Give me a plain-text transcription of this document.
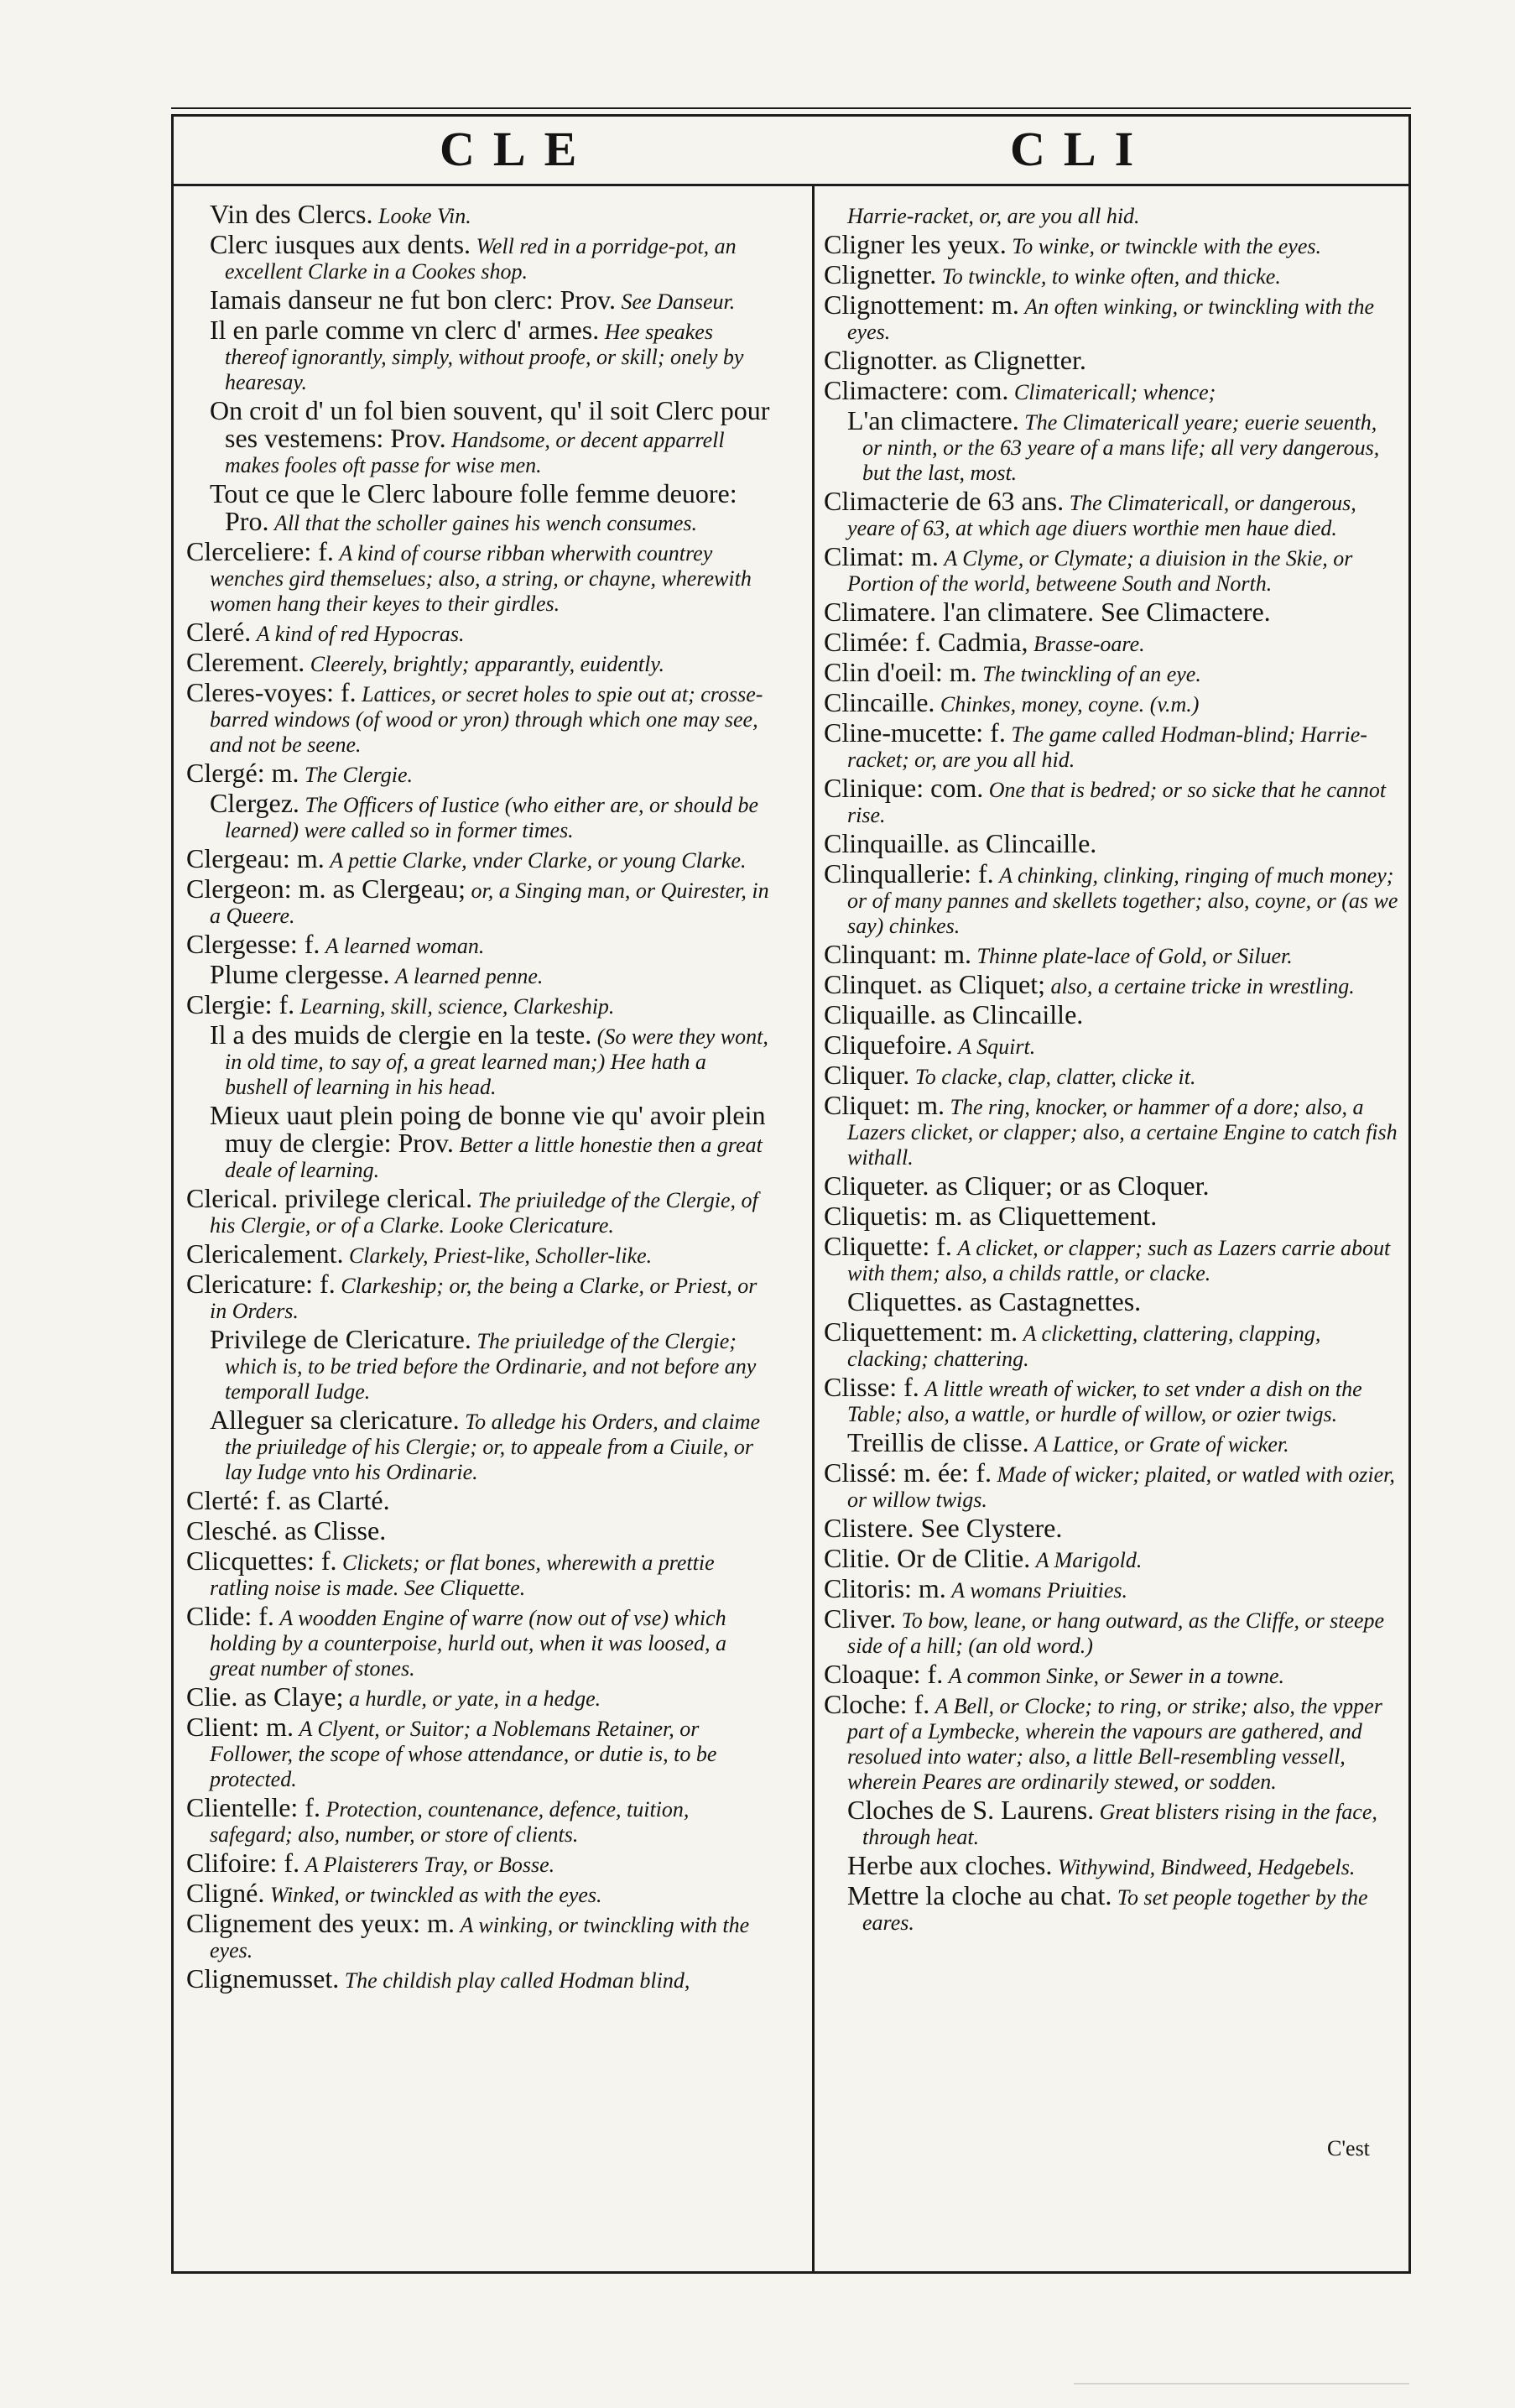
CLE	CLI

Vin des Clercs. Looke Vin.

Clerc iusques aux dents. Well red in a porridge-pot, an excellent Clarke in a Cookes shop.

Iamais danseur ne fut bon clerc: Prov. See Danseur.

Il en parle comme vn clerc d' armes. Hee speakes thereof ignorantly, simply, without proofe, or skill; onely by hearesay.

On croit d' un fol bien souvent, qu' il soit Clerc pour ses vestemens: Prov. Handsome, or decent apparrell makes fooles oft passe for wise men.

Tout ce que le Clerc laboure folle femme deuore: Pro. All that the scholler gaines his wench consumes.

Clerceliere: f. A kind of course ribban wherwith countrey wenches gird themselues; also, a string, or chayne, wherewith women hang their keyes to their girdles.

Cleré. A kind of red Hypocras.

Clerement. Cleerely, brightly; apparantly, euidently.

Cleres-voyes: f. Lattices, or secret holes to spie out at; crosse-barred windows (of wood or yron) through which one may see, and not be seene.

Clergé: m. The Clergie.

Clergez. The Officers of Iustice (who either are, or should be learned) were called so in former times.

Clergeau: m. A pettie Clarke, vnder Clarke, or young Clarke.

Clergeon: m. as Clergeau; or, a Singing man, or Quirester, in a Queere.

Clergesse: f. A learned woman.

Plume clergesse. A learned penne.

Clergie: f. Learning, skill, science, Clarkeship.

Il a des muids de clergie en la teste. (So were they wont, in old time, to say of, a great learned man;) Hee hath a bushell of learning in his head.

Mieux uaut plein poing de bonne vie qu' avoir plein muy de clergie: Prov. Better a little honestie then a great deale of learning.

Clerical. privilege clerical. The priuiledge of the Clergie, of his Clergie, or of a Clarke. Looke Clericature.

Clericalement. Clarkely, Priest-like, Scholler-like.

Clericature: f. Clarkeship; or, the being a Clarke, or Priest, or in Orders.

Privilege de Clericature. The priuiledge of the Clergie; which is, to be tried before the Ordinarie, and not before any temporall Iudge.

Alleguer sa clericature. To alledge his Orders, and claime the priuiledge of his Clergie; or, to appeale from a Ciuile, or lay Iudge vnto his Ordinarie.

Clerté: f. as Clarté.

Clesché. as Clisse.

Clicquettes: f. Clickets; or flat bones, wherewith a prettie ratling noise is made. See Cliquette.

Clide: f. A woodden Engine of warre (now out of vse) which holding by a counterpoise, hurld out, when it was loosed, a great number of stones.

Clie. as Claye; a hurdle, or yate, in a hedge.

Client: m. A Clyent, or Suitor; a Noblemans Retainer, or Follower, the scope of whose attendance, or dutie is, to be protected.

Clientelle: f. Protection, countenance, defence, tuition, safegard; also, number, or store of clients.

Clifoire: f. A Plaisterers Tray, or Bosse.

Cligné. Winked, or twinckled as with the eyes.

Clignement des yeux: m. A winking, or twinckling with the eyes.

Clignemusset. The childish play called Hodman blind,

Harrie-racket, or, are you all hid.

Cligner les yeux. To winke, or twinckle with the eyes.

Clignetter. To twinckle, to winke often, and thicke.

Clignottement: m. An often winking, or twinckling with the eyes.

Clignotter. as Clignetter.

Climactere: com. Climatericall; whence;

L'an climactere. The Climatericall yeare; euerie seuenth, or ninth, or the 63 yeare of a mans life; all very dangerous, but the last, most.

Climacterie de 63 ans. The Climatericall, or dangerous, yeare of 63, at which age diuers worthie men haue died.

Climat: m. A Clyme, or Clymate; a diuision in the Skie, or Portion of the world, betweene South and North.

Climatere. l'an climatere. See Climactere.

Climée: f. Cadmia, Brasse-oare.

Clin d'oeil: m. The twinckling of an eye.

Clincaille. Chinkes, money, coyne. (v.m.)

Cline-mucette: f. The game called Hodman-blind; Harrie-racket; or, are you all hid.

Clinique: com. One that is bedred; or so sicke that he cannot rise.

Clinquaille. as Clincaille.

Clinquallerie: f. A chinking, clinking, ringing of much money; or of many pannes and skellets together; also, coyne, or (as we say) chinkes.

Clinquant: m. Thinne plate-lace of Gold, or Siluer.

Clinquet. as Cliquet; also, a certaine tricke in wrestling.

Cliquaille. as Clincaille.

Cliquefoire. A Squirt.

Cliquer. To clacke, clap, clatter, clicke it.

Cliquet: m. The ring, knocker, or hammer of a dore; also, a Lazers clicket, or clapper; also, a certaine Engine to catch fish withall.

Cliqueter. as Cliquer; or as Cloquer.

Cliquetis: m. as Cliquettement.

Cliquette: f. A clicket, or clapper; such as Lazers carrie about with them; also, a childs rattle, or clacke.

Cliquettes. as Castagnettes.

Cliquettement: m. A clicketting, clattering, clapping, clacking; chattering.

Clisse: f. A little wreath of wicker, to set vnder a dish on the Table; also, a wattle, or hurdle of willow, or ozier twigs.

Treillis de clisse. A Lattice, or Grate of wicker.

Clissé: m. ée: f. Made of wicker; plaited, or watled with ozier, or willow twigs.

Clistere. See Clystere.

Clitie. Or de Clitie. A Marigold.

Clitoris: m. A womans Priuities.

Cliver. To bow, leane, or hang outward, as the Cliffe, or steepe side of a hill; (an old word.)

Cloaque: f. A common Sinke, or Sewer in a towne.

Cloche: f. A Bell, or Clocke; to ring, or strike; also, the vpper part of a Lymbecke, wherein the vapours are gathered, and resolued into water; also, a little Bell-resembling vessell, wherein Peares are ordinarily stewed, or sodden.

Cloches de S. Laurens. Great blisters rising in the face, through heat.

Herbe aux cloches. Withywind, Bindweed, Hedgebels.

Mettre la cloche au chat. To set people together by the eares.

C'est
